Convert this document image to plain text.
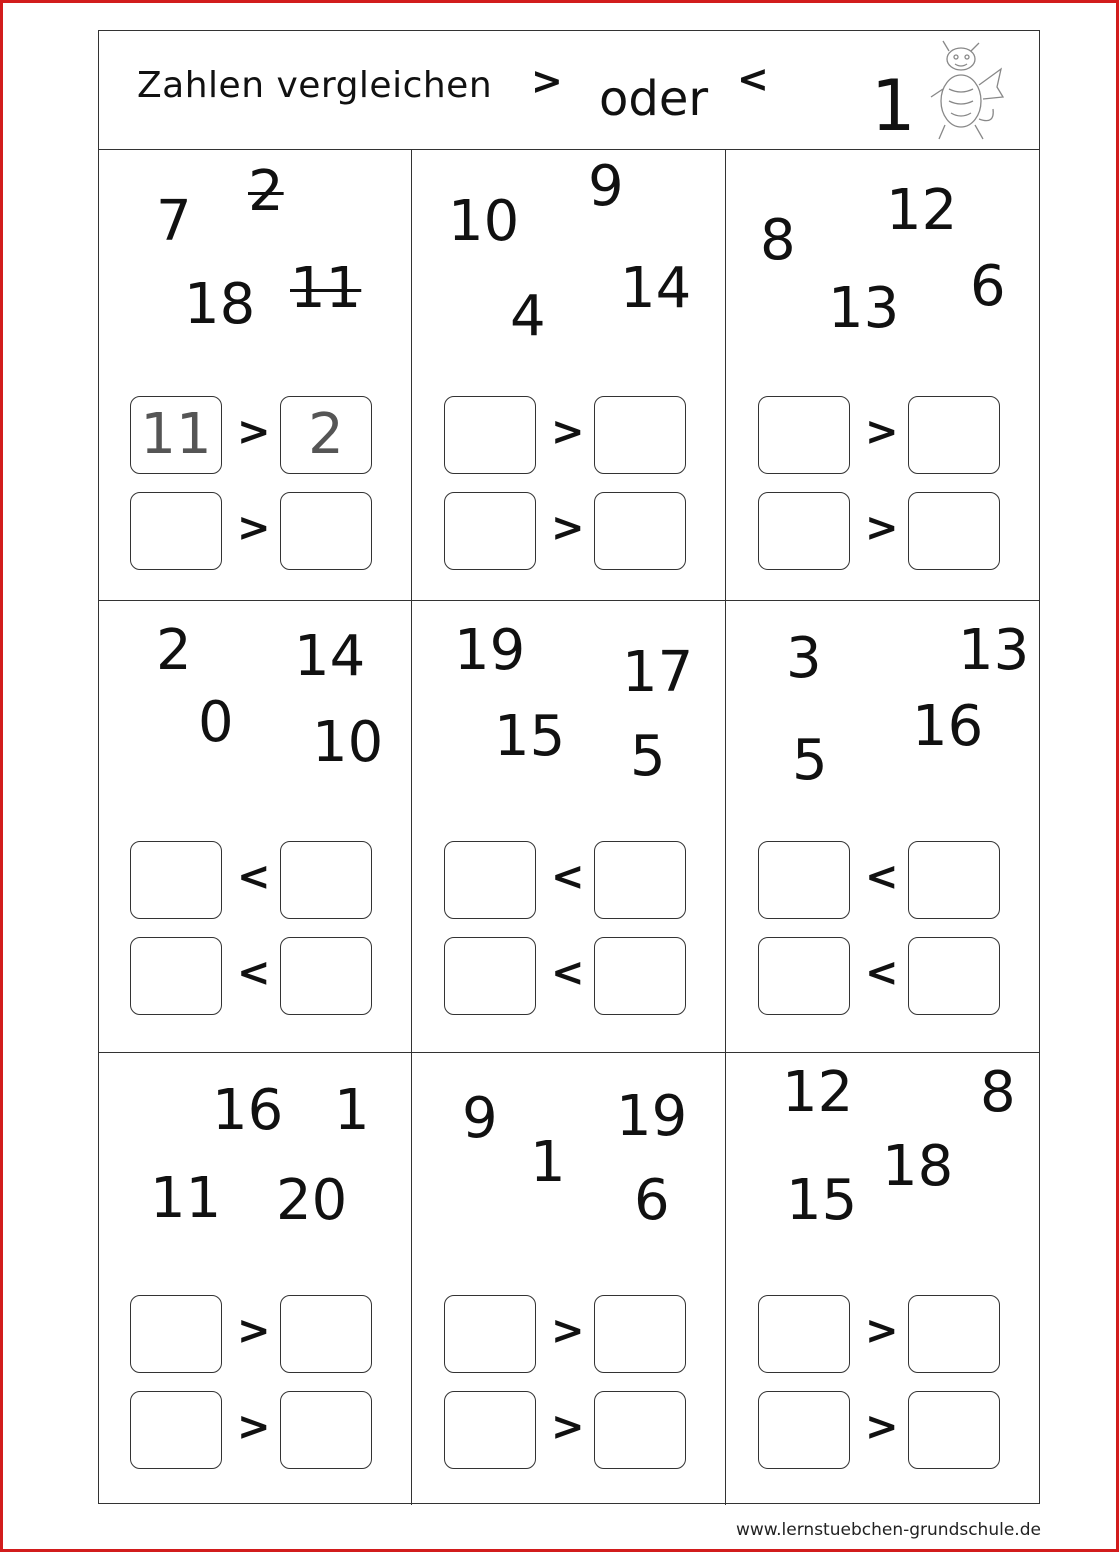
Zahlen vergleichen > oder < 1
7 2
18 11
11 > 2
>
10
9
4 14
>
>
8 12
13 6
>
>
2 14
0 10
<
<
19 17
15 5
<
<
3 13
5
16
<
<
16 1
11 20
>
>
9 19
1
6
>
>
12 8
18
15
>
>
www.lernstuebchen-grundschule.de
